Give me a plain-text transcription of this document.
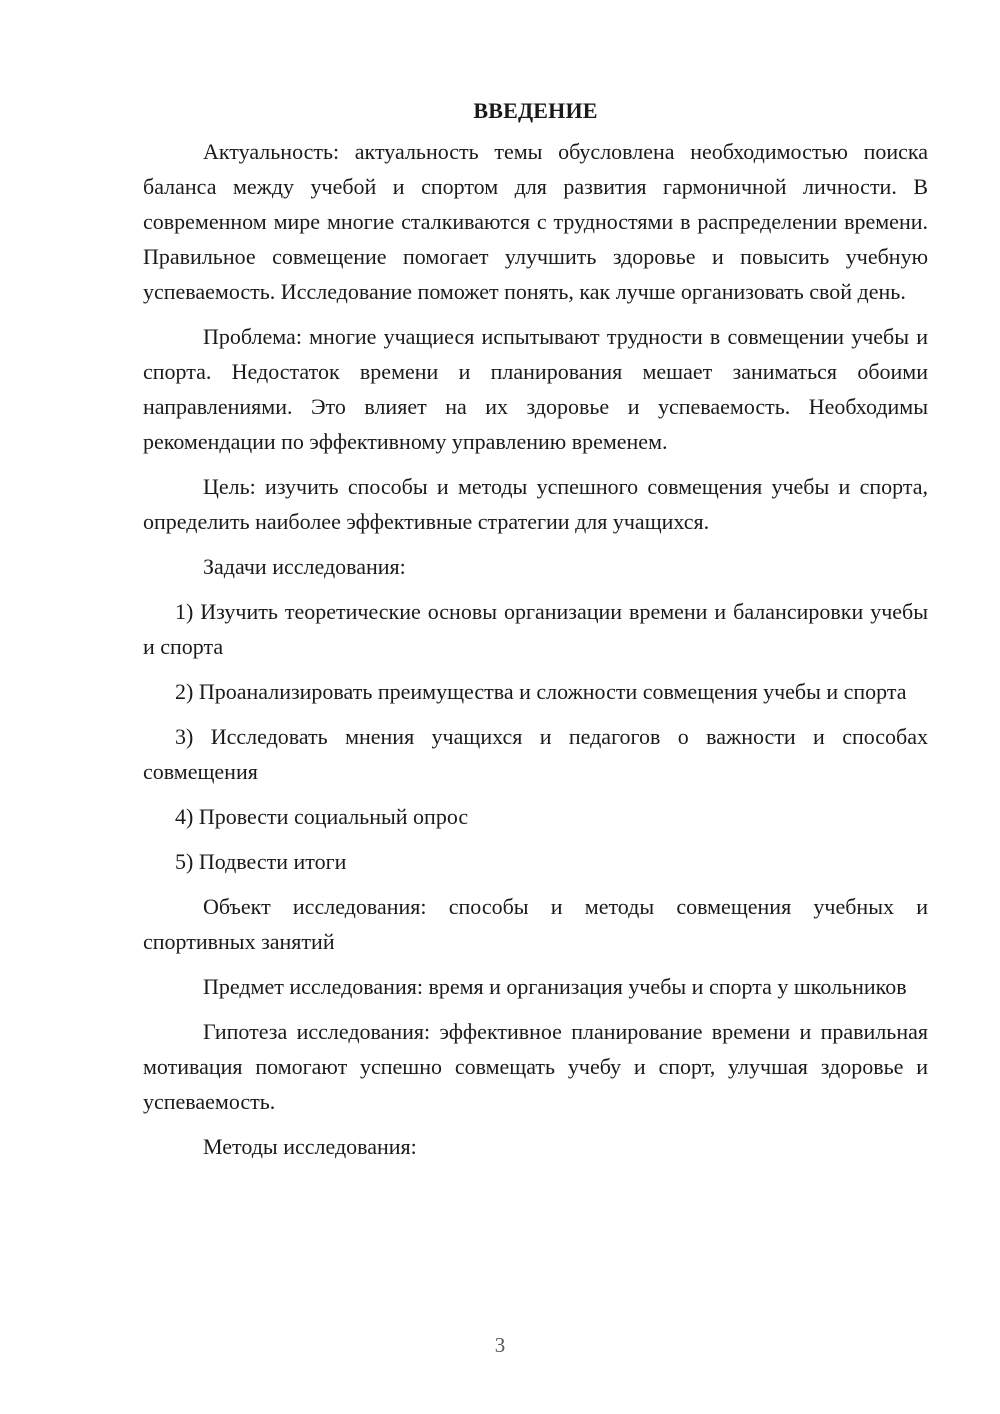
ВВЕДЕНИЕ

Актуальность: актуальность темы обусловлена необходимостью поиска баланса между учебой и спортом для развития гармоничной личности. В современном мире многие сталкиваются с трудностями в распределении времени. Правильное совмещение помогает улучшить здоровье и повысить учебную успеваемость. Исследование поможет понять, как лучше организовать свой день.

Проблема: многие учащиеся испытывают трудности в совмещении учебы и спорта. Недостаток времени и планирования мешает заниматься обоими направлениями. Это влияет на их здоровье и успеваемость. Необходимы рекомендации по эффективному управлению временем.

Цель: изучить способы и методы успешного совмещения учебы и спорта, определить наиболее эффективные стратегии для учащихся.

Задачи исследования:

1) Изучить теоретические основы организации времени и балансировки учебы и спорта

2) Проанализировать преимущества и сложности совмещения учебы и спорта

3) Исследовать мнения учащихся и педагогов о важности и способах совмещения

4) Провести социальный опрос

5) Подвести итоги

Объект исследования: способы и методы совмещения учебных и спортивных занятий

Предмет исследования: время и организация учебы и спорта у школьников

Гипотеза исследования: эффективное планирование времени и правильная мотивация помогают успешно совмещать учебу и спорт, улучшая здоровье и успеваемость.

Методы исследования:

3
